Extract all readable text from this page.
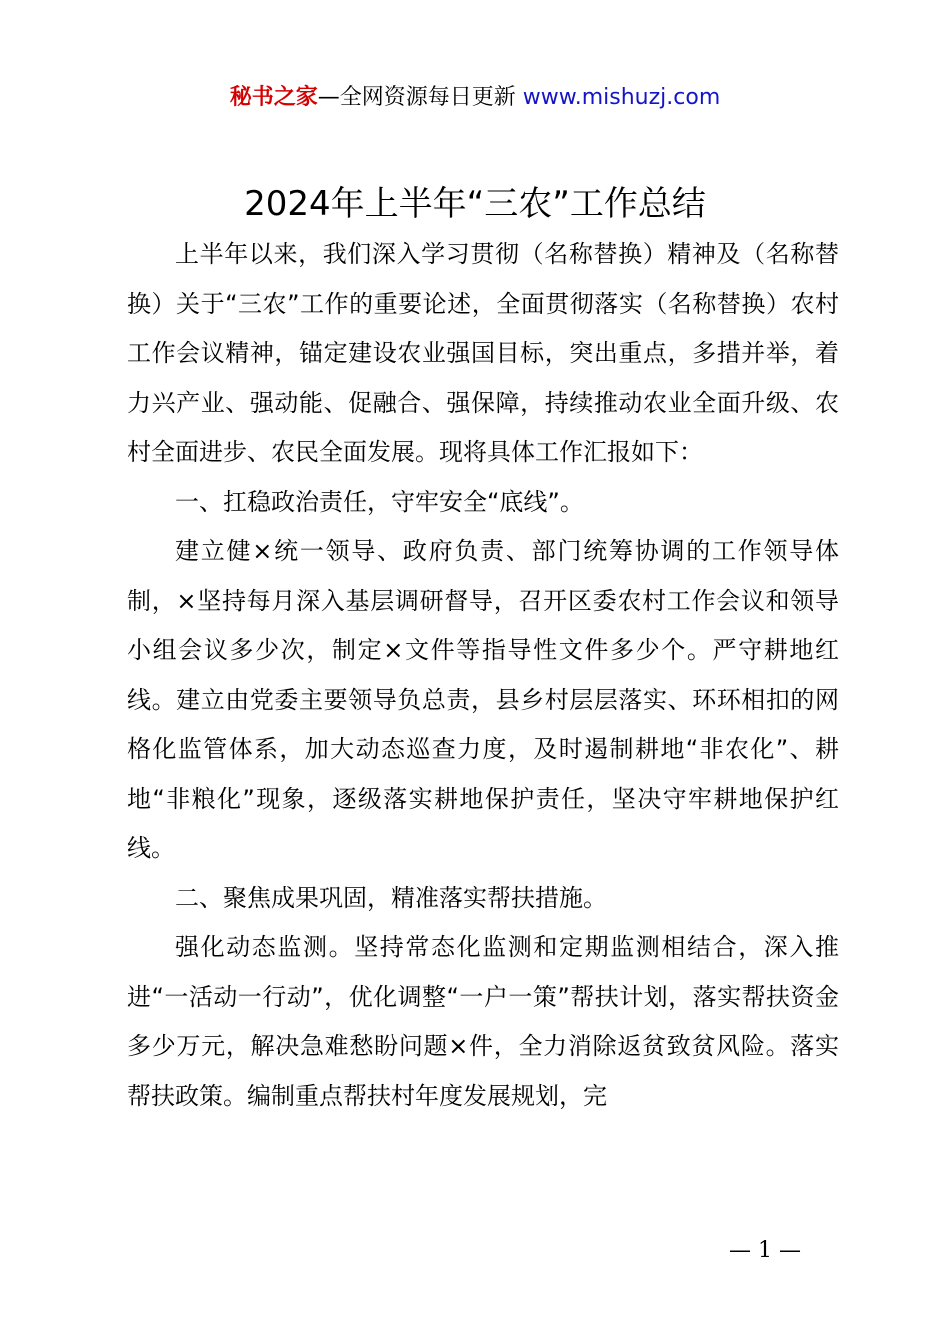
秘书之家—全网资源每日更新 www.mishuzj.com
2024年上半年“三农”工作总结

上半年以来，我们深入学习贯彻（名称替换）精神及（名称替换）关于“三农”工作的重要论述，全面贯彻落实（名称替换）农村工作会议精神，锚定建设农业强国目标，突出重点，多措并举，着力兴产业、强动能、促融合、强保障，持续推动农业全面升级、农村全面进步、农民全面发展。现将具体工作汇报如下：

一、扛稳政治责任，守牢安全“底线”。

建立健×统一领导、政府负责、部门统筹协调的工作领导体制，×坚持每月深入基层调研督导，召开区委农村工作会议和领导小组会议多少次，制定×文件等指导性文件多少个。严守耕地红线。建立由党委主要领导负总责，县乡村层层落实、环环相扣的网格化监管体系，加大动态巡查力度，及时遏制耕地“非农化”、耕地“非粮化”现象，逐级落实耕地保护责任，坚决守牢耕地保护红线。

二、聚焦成果巩固，精准落实帮扶措施。

强化动态监测。坚持常态化监测和定期监测相结合，深入推进“一活动一行动”，优化调整“一户一策”帮扶计划，落实帮扶资金多少万元，解决急难愁盼问题×件，全力消除返贫致贫风险。落实帮扶政策。编制重点帮扶村年度发展规划，完

— 1 —
